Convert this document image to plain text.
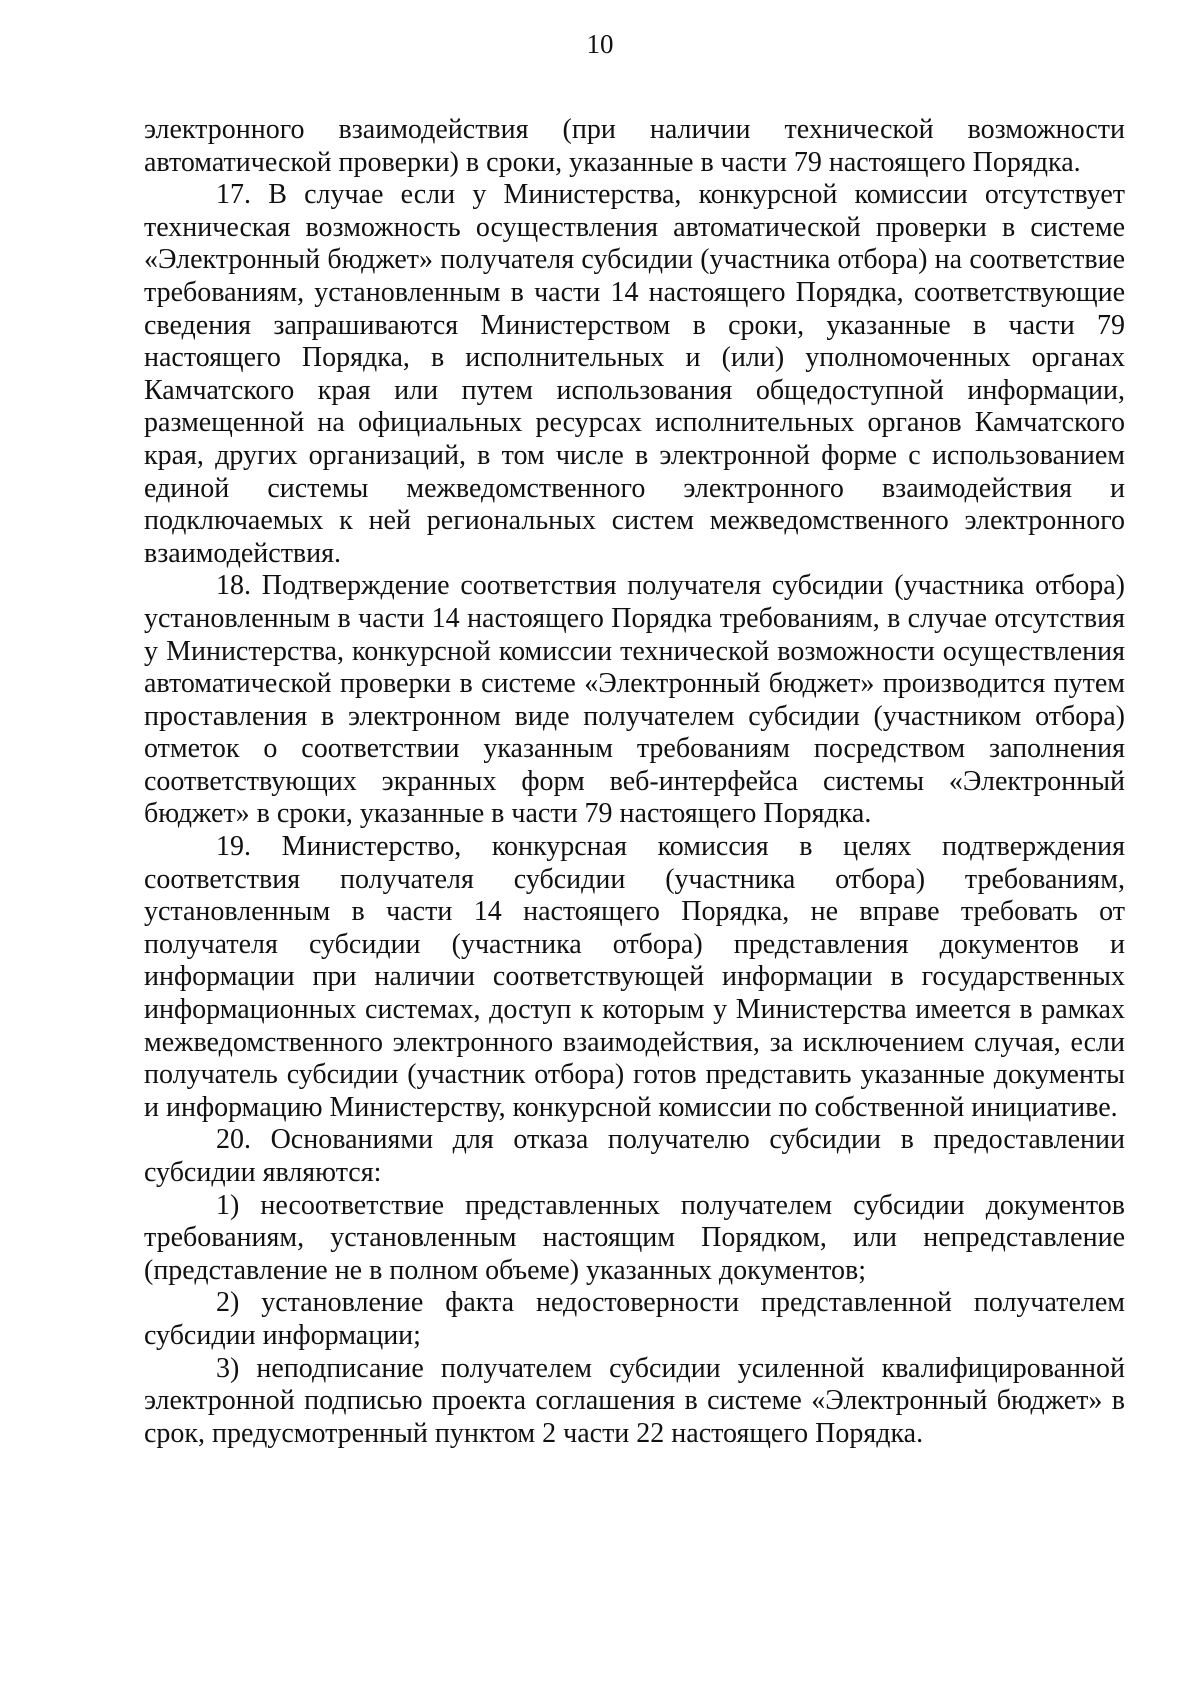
10

электронного взаимодействия (при наличии технической возможности автоматической проверки) в сроки, указанные в части 79 настоящего Порядка.

17. В случае если у Министерства, конкурсной комиссии отсутствует техническая возможность осуществления автоматической проверки в системе «Электронный бюджет» получателя субсидии (участника отбора) на соответствие требованиям, установленным в части 14 настоящего Порядка, соответствующие сведения запрашиваются Министерством в сроки, указанные в части 79 настоящего Порядка, в исполнительных и (или) уполномоченных органах Камчатского края или путем использования общедоступной информации, размещенной на официальных ресурсах исполнительных органов Камчатского края, других организаций, в том числе в электронной форме с использованием единой системы межведомственного электронного взаимодействия и подключаемых к ней региональных систем межведомственного электронного взаимодействия.

18. Подтверждение соответствия получателя субсидии (участника отбора) установленным в части 14 настоящего Порядка требованиям, в случае отсутствия у Министерства, конкурсной комиссии технической возможности осуществления автоматической проверки в системе «Электронный бюджет» производится путем проставления в электронном виде получателем субсидии (участником отбора) отметок о соответствии указанным требованиям посредством заполнения соответствующих экранных форм веб-интерфейса системы «Электронный бюджет» в сроки, указанные в части 79 настоящего Порядка.

19. Министерство, конкурсная комиссия в целях подтверждения соответствия получателя субсидии (участника отбора) требованиям, установленным в части 14 настоящего Порядка, не вправе требовать от получателя субсидии (участника отбора) представления документов и информации при наличии соответствующей информации в государственных информационных системах, доступ к которым у Министерства имеется в рамках межведомственного электронного взаимодействия, за исключением случая, если получатель субсидии (участник отбора) готов представить указанные документы и информацию Министерству, конкурсной комиссии по собственной инициативе.

20. Основаниями для отказа получателю субсидии в предоставлении субсидии являются:

1) несоответствие представленных получателем субсидии документов требованиям, установленным настоящим Порядком, или непредставление (представление не в полном объеме) указанных документов;

2) установление факта недостоверности представленной получателем субсидии информации;

3) неподписание получателем субсидии усиленной квалифицированной электронной подписью проекта соглашения в системе «Электронный бюджет» в срок, предусмотренный пунктом 2 части 22 настоящего Порядка.
